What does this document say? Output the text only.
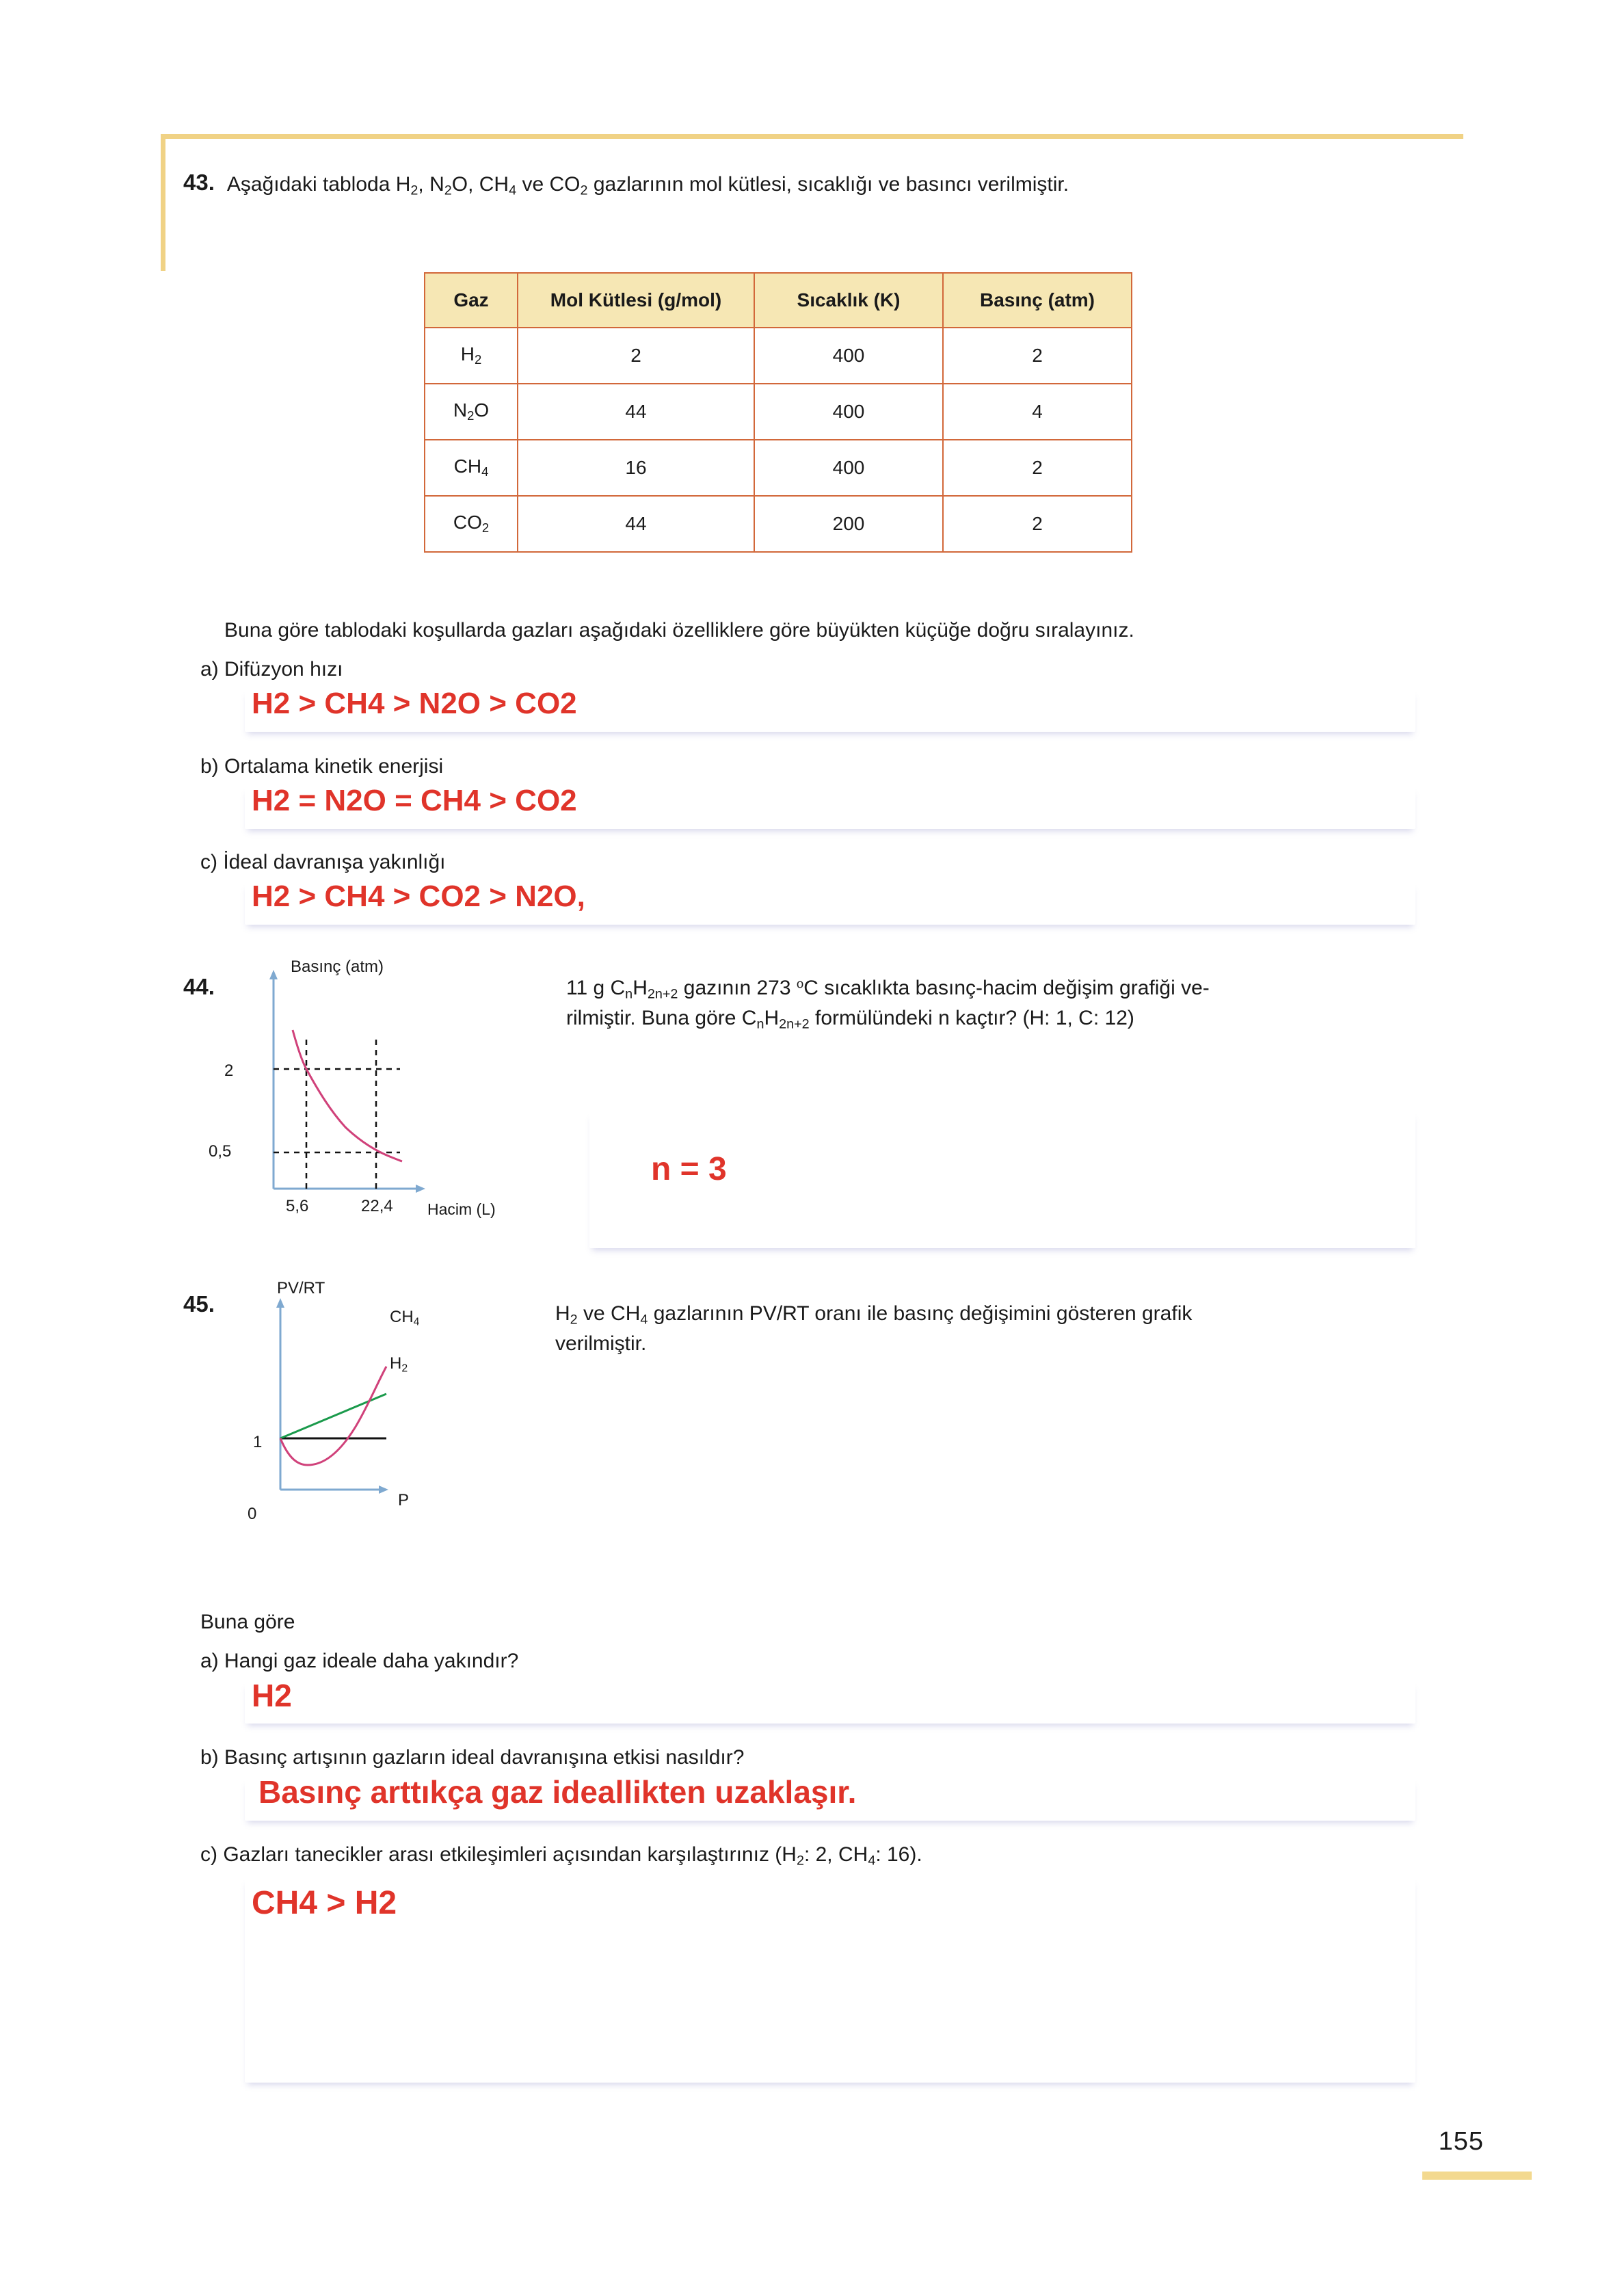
155
43. Aşağıdaki tabloda $H_2$, $N_2O$, $CH_4$ ve $CO_2$ gazlarının mol kütlesi, sıcaklığı ve basıncı verilmiştir.
Gaz	Mol Kütlesi (g/mol)	Sıcaklık (K)	Basınç (atm)
$H_2$	2	400	2
$N_2O$	44	400	4
$CH_4$	16	400	2
$CO_2$	44	200	2
Buna göre tablodaki koşullarda gazları aşağıdaki özelliklere göre büyükten küçüğe doğru sıralayınız.
a) Difüzyon hızı
H2 > CH4 > N2O > CO2
b) Ortalama kinetik enerjisi
H2 = N2O = CH4 > CO2
c) İdeal davranışa yakınlığı
H2 > CH4 > CO2 > N2O,
44.
Basınç (atm)
2
0,5
5,6	22,4 Hacim (L)
11 g $C_nH_{2n+2}$ gazının 273 $^o$C sıcaklıkta basınç-hacim değişim grafiği ve-
rilmiştir. Buna göre $C_nH_{2n+2}$ formülündeki n kaçtır? (H: 1, C: 12)
n = 3
45.
PV/RT
1
0
P
$CH_4$
$H_2$
$H_2$ ve $CH_4$ gazlarının PV/RT oranı ile basınç değişimini gösteren grafik
verilmiştir.
Buna göre
a) Hangi gaz ideale daha yakındır?
H2
b) Basınç artışının gazların ideal davranışına etkisi nasıldır?
Basınç arttıkça gaz ideallikten uzaklaşır.
c) Gazları tanecikler arası etkileşimleri açısından karşılaştırınız ($H_2$: 2, $CH_4$: 16).
CH4 > H2
